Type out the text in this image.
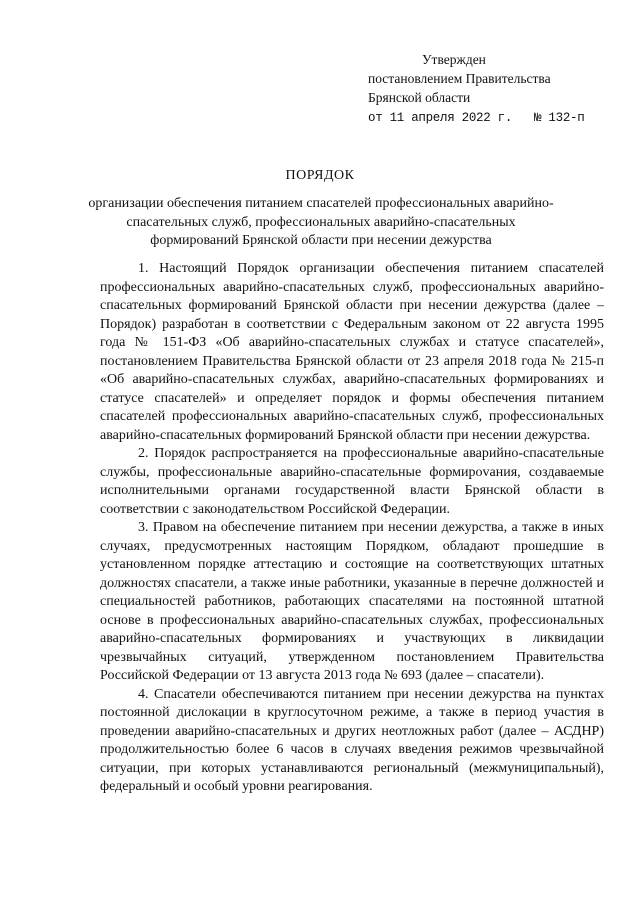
Утвержден
постановлением Правительства
Брянской области
от 11 апреля 2022 г. № 132-п
ПОРЯДОК
организации обеспечения питанием спасателей профессиональных аварийно-спасательных служб, профессиональных аварийно-спасательных формирований Брянской области при несении дежурства

1. Настоящий Порядок организации обеспечения питанием спасателей профессиональных аварийно-спасательных служб, профессиональных аварийно-спасательных формирований Брянской области при несении дежурства (далее – Порядок) разработан в соответствии с Федеральным законом от 22 августа 1995 года № 151-ФЗ «Об аварийно-спасательных службах и статусе спасателей», постановлением Правительства Брянской области от 23 апреля 2018 года № 215-п «Об аварийно-спасательных службах, аварийно-спасательных формированиях и статусе спасателей» и определяет порядок и формы обеспечения питанием спасателей профессиональных аварийно-спасательных служб, профессиональных аварийно-спасательных формирований Брянской области при несении дежурства.

2. Порядок распространяется на профессиональные аварийно-спасательные службы, профессиональные аварийно-спасательные формироvания, создаваемые исполнительными органами государственной власти Брянской области в соответствии с законодательством Российской Федерации.

3. Правом на обеспечение питанием при несении дежурства, а также в иных случаях, предусмотренных настоящим Порядком, обладают прошедшие в установленном порядке аттестацию и состоящие на соответствующих штатных должностях спасатели, а также иные работники, указанные в перечне должностей и специальностей работников, работающих спасателями на постоянной штатной основе в профессиональных аварийно-спасательных службах, профессиональных аварийно-спасательных формированиях и участвующих в ликвидации чрезвычайных ситуаций, утвержденном постановлением Правительства Российской Федерации от 13 августа 2013 года № 693 (далее – спасатели).

4. Спасатели обеспечиваются питанием при несении дежурства на пунктах постоянной дислокации в круглосуточном режиме, а также в период участия в проведении аварийно-спасательных и других неотложных работ (далее – АСДНР) продолжительностью более 6 часов в случаях введения режимов чрезвычайной ситуации, при которых устанавливаются региональный (межмуниципальный), федеральный и особый уровни реагирования.
